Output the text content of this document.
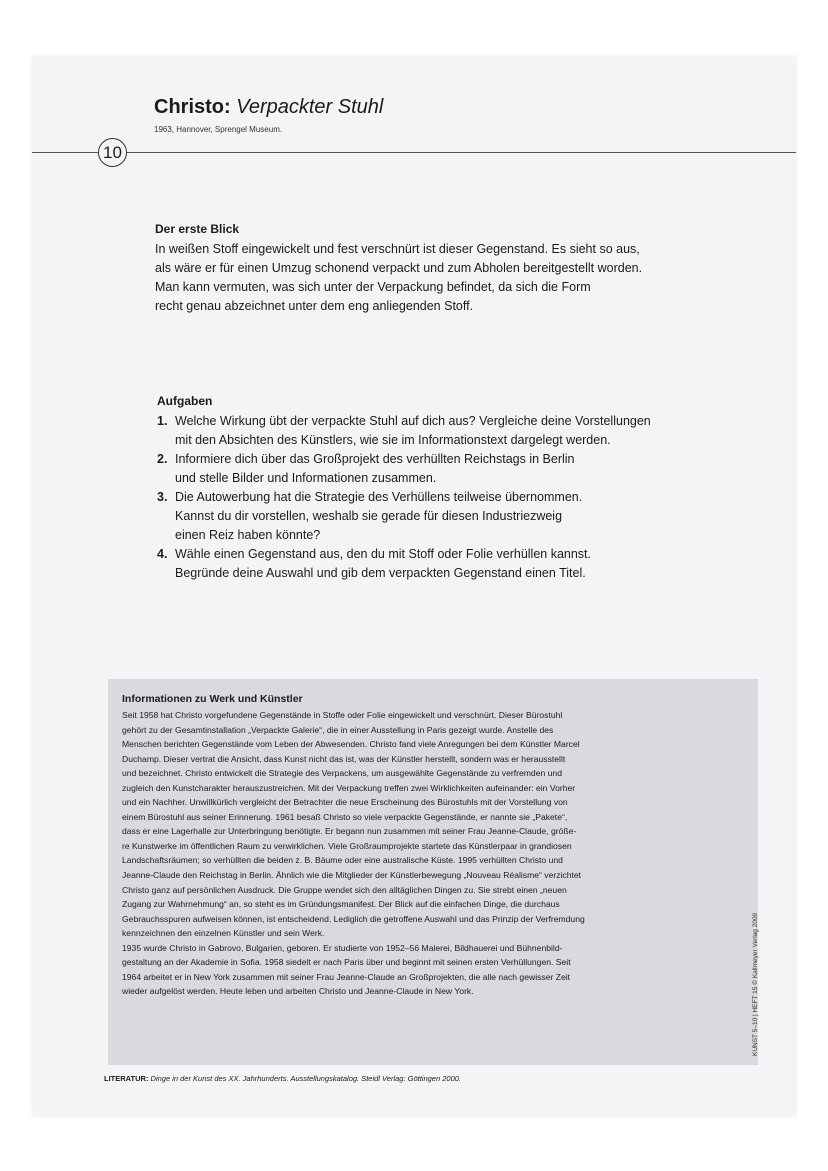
Christo: Verpackter Stuhl
1963, Hannover, Sprengel Museum.
10
Der erste Blick
In weißen Stoff eingewickelt und fest verschnürt ist dieser Gegenstand. Es sieht so aus,
als wäre er für einen Umzug schonend verpackt und zum Abholen bereitgestellt worden.
Man kann vermuten, was sich unter der Verpackung befindet, da sich die Form
recht genau abzeichnet unter dem eng anliegenden Stoff.
Aufgaben
1. Welche Wirkung übt der verpackte Stuhl auf dich aus? Vergleiche deine Vorstellungen
mit den Absichten des Künstlers, wie sie im Informationstext dargelegt werden.
2. Informiere dich über das Großprojekt des verhüllten Reichstags in Berlin
und stelle Bilder und Informationen zusammen.
3. Die Autowerbung hat die Strategie des Verhüllens teilweise übernommen.
Kannst du dir vorstellen, weshalb sie gerade für diesen Industriezweig
einen Reiz haben könnte?
4. Wähle einen Gegenstand aus, den du mit Stoff oder Folie verhüllen kannst.
Begründe deine Auswahl und gib dem verpackten Gegenstand einen Titel.
Informationen zu Werk und Künstler
Seit 1958 hat Christo vorgefundene Gegenstände in Stoffe oder Folie eingewickelt und verschnürt. Dieser Bürostuhl
gehört zu der Gesamtinstallation „Verpackte Galerie“, die in einer Ausstellung in Paris gezeigt wurde. Anstelle des
Menschen berichten Gegenstände vom Leben der Abwesenden. Christo fand viele Anregungen bei dem Künstler Marcel
Duchamp. Dieser vertrat die Ansicht, dass Kunst nicht das ist, was der Künstler herstellt, sondern was er herausstellt
und bezeichnet. Christo entwickelt die Strategie des Verpackens, um ausgewählte Gegenstände zu verfremden und
zugleich den Kunstcharakter herauszustreichen. Mit der Verpackung treffen zwei Wirklichkeiten aufeinander: ein Vorher
und ein Nachher. Unwillkürlich vergleicht der Betrachter die neue Erscheinung des Bürostuhls mit der Vorstellung von
einem Bürostuhl aus seiner Erinnerung. 1961 besaß Christo so viele verpackte Gegenstände, er nannte sie „Pakete“,
dass er eine Lagerhalle zur Unterbringung benötigte. Er begann nun zusammen mit seiner Frau Jeanne-Claude, größe-
re Kunstwerke im öffentlichen Raum zu verwirklichen. Viele Großraumprojekte startete das Künstlerpaar in grandiosen
Landschaftsräumen; so verhüllten die beiden z. B. Bäume oder eine australische Küste. 1995 verhüllten Christo und
Jeanne-Claude den Reichstag in Berlin. Ähnlich wie die Mitglieder der Künstlerbewegung „Nouveau Réalisme“ verzichtet
Christo ganz auf persönlichen Ausdruck. Die Gruppe wendet sich den alltäglichen Dingen zu. Sie strebt einen „neuen
Zugang zur Wahrnehmung“ an, so steht es im Gründungsmanifest. Der Blick auf die einfachen Dinge, die durchaus
Gebrauchsspuren aufweisen können, ist entscheidend. Lediglich die getroffene Auswahl und das Prinzip der Verfremdung
kennzeichnen den einzelnen Künstler und sein Werk.
1935 wurde Christo in Gabrovo, Bulgarien, geboren. Er studierte von 1952–56 Malerei, Bildhauerei und Bühnenbild-
gestaltung an der Akademie in Sofia. 1958 siedelt er nach Paris über und beginnt mit seinen ersten Verhüllungen. Seit
1964 arbeitet er in New York zusammen mit seiner Frau Jeanne-Claude an Großprojekten, die alle nach gewisser Zeit
wieder aufgelöst werden. Heute leben und arbeiten Christo und Jeanne-Claude in New York.
LITERATUR: Dinge in der Kunst des XX. Jahrhunderts. Ausstellungskatalog. Steidl Verlag: Göttingen 2000.
KUNST 5–10 | HEFT 15 © Kallmeyer Verlag 2009
